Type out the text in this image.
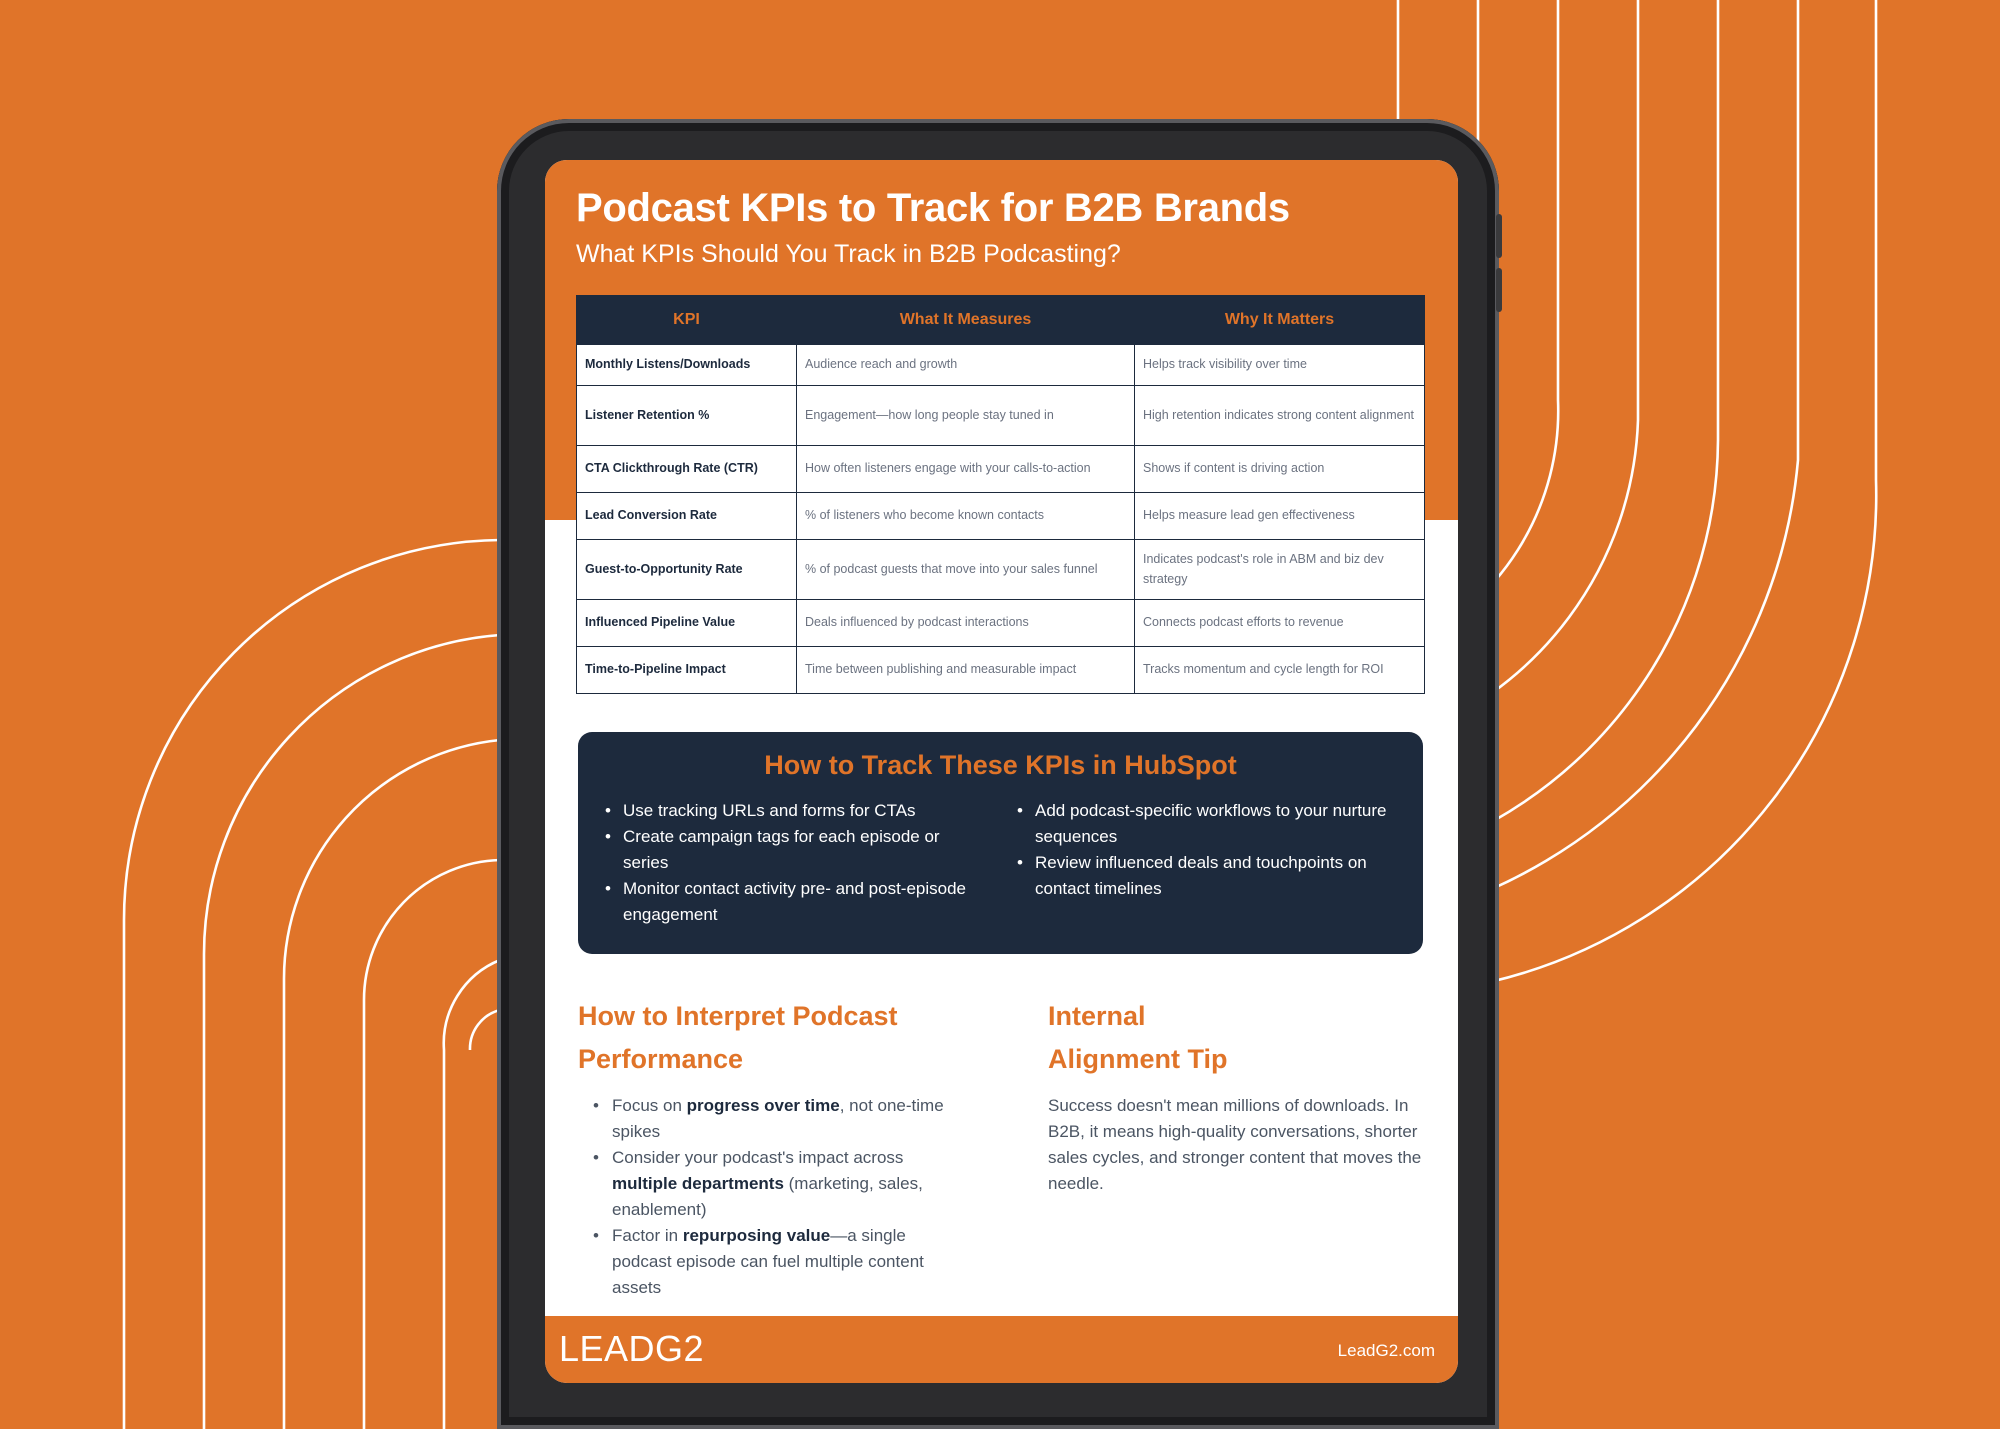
Podcast KPIs to Track for B2B Brands
What KPIs Should You Track in B2B Podcasting?
KPI	What It Measures	Why It Matters
Monthly Listens/Downloads	Audience reach and growth	Helps track visibility over time
Listener Retention %	Engagement—how long people stay tuned in	High retention indicates strong content alignment
CTA Clickthrough Rate (CTR)	How often listeners engage with your calls-to-action	Shows if content is driving action
Lead Conversion Rate	% of listeners who become known contacts	Helps measure lead gen effectiveness
Guest-to-Opportunity Rate	% of podcast guests that move into your sales funnel	Indicates podcast's role in ABM and biz dev strategy
Influenced Pipeline Value	Deals influenced by podcast interactions	Connects podcast efforts to revenue
Time-to-Pipeline Impact	Time between publishing and measurable impact	Tracks momentum and cycle length for ROI
How to Track These KPIs in HubSpot
• Use tracking URLs and forms for CTAs
• Create campaign tags for each episode or series
• Monitor contact activity pre- and post-episode engagement
• Add podcast-specific workflows to your nurture sequences
• Review influenced deals and touchpoints on contact timelines
How to Interpret Podcast
Performance
• Focus on progress over time, not one-time spikes
• Consider your podcast's impact across multiple departments (marketing, sales, enablement)
• Factor in repurposing value—a single podcast episode can fuel multiple content assets
Internal
Alignment Tip

Success doesn't mean millions of downloads. In B2B, it means high-quality conversations, shorter sales cycles, and stronger content that moves the needle.

LEADG2	LeadG2.com
